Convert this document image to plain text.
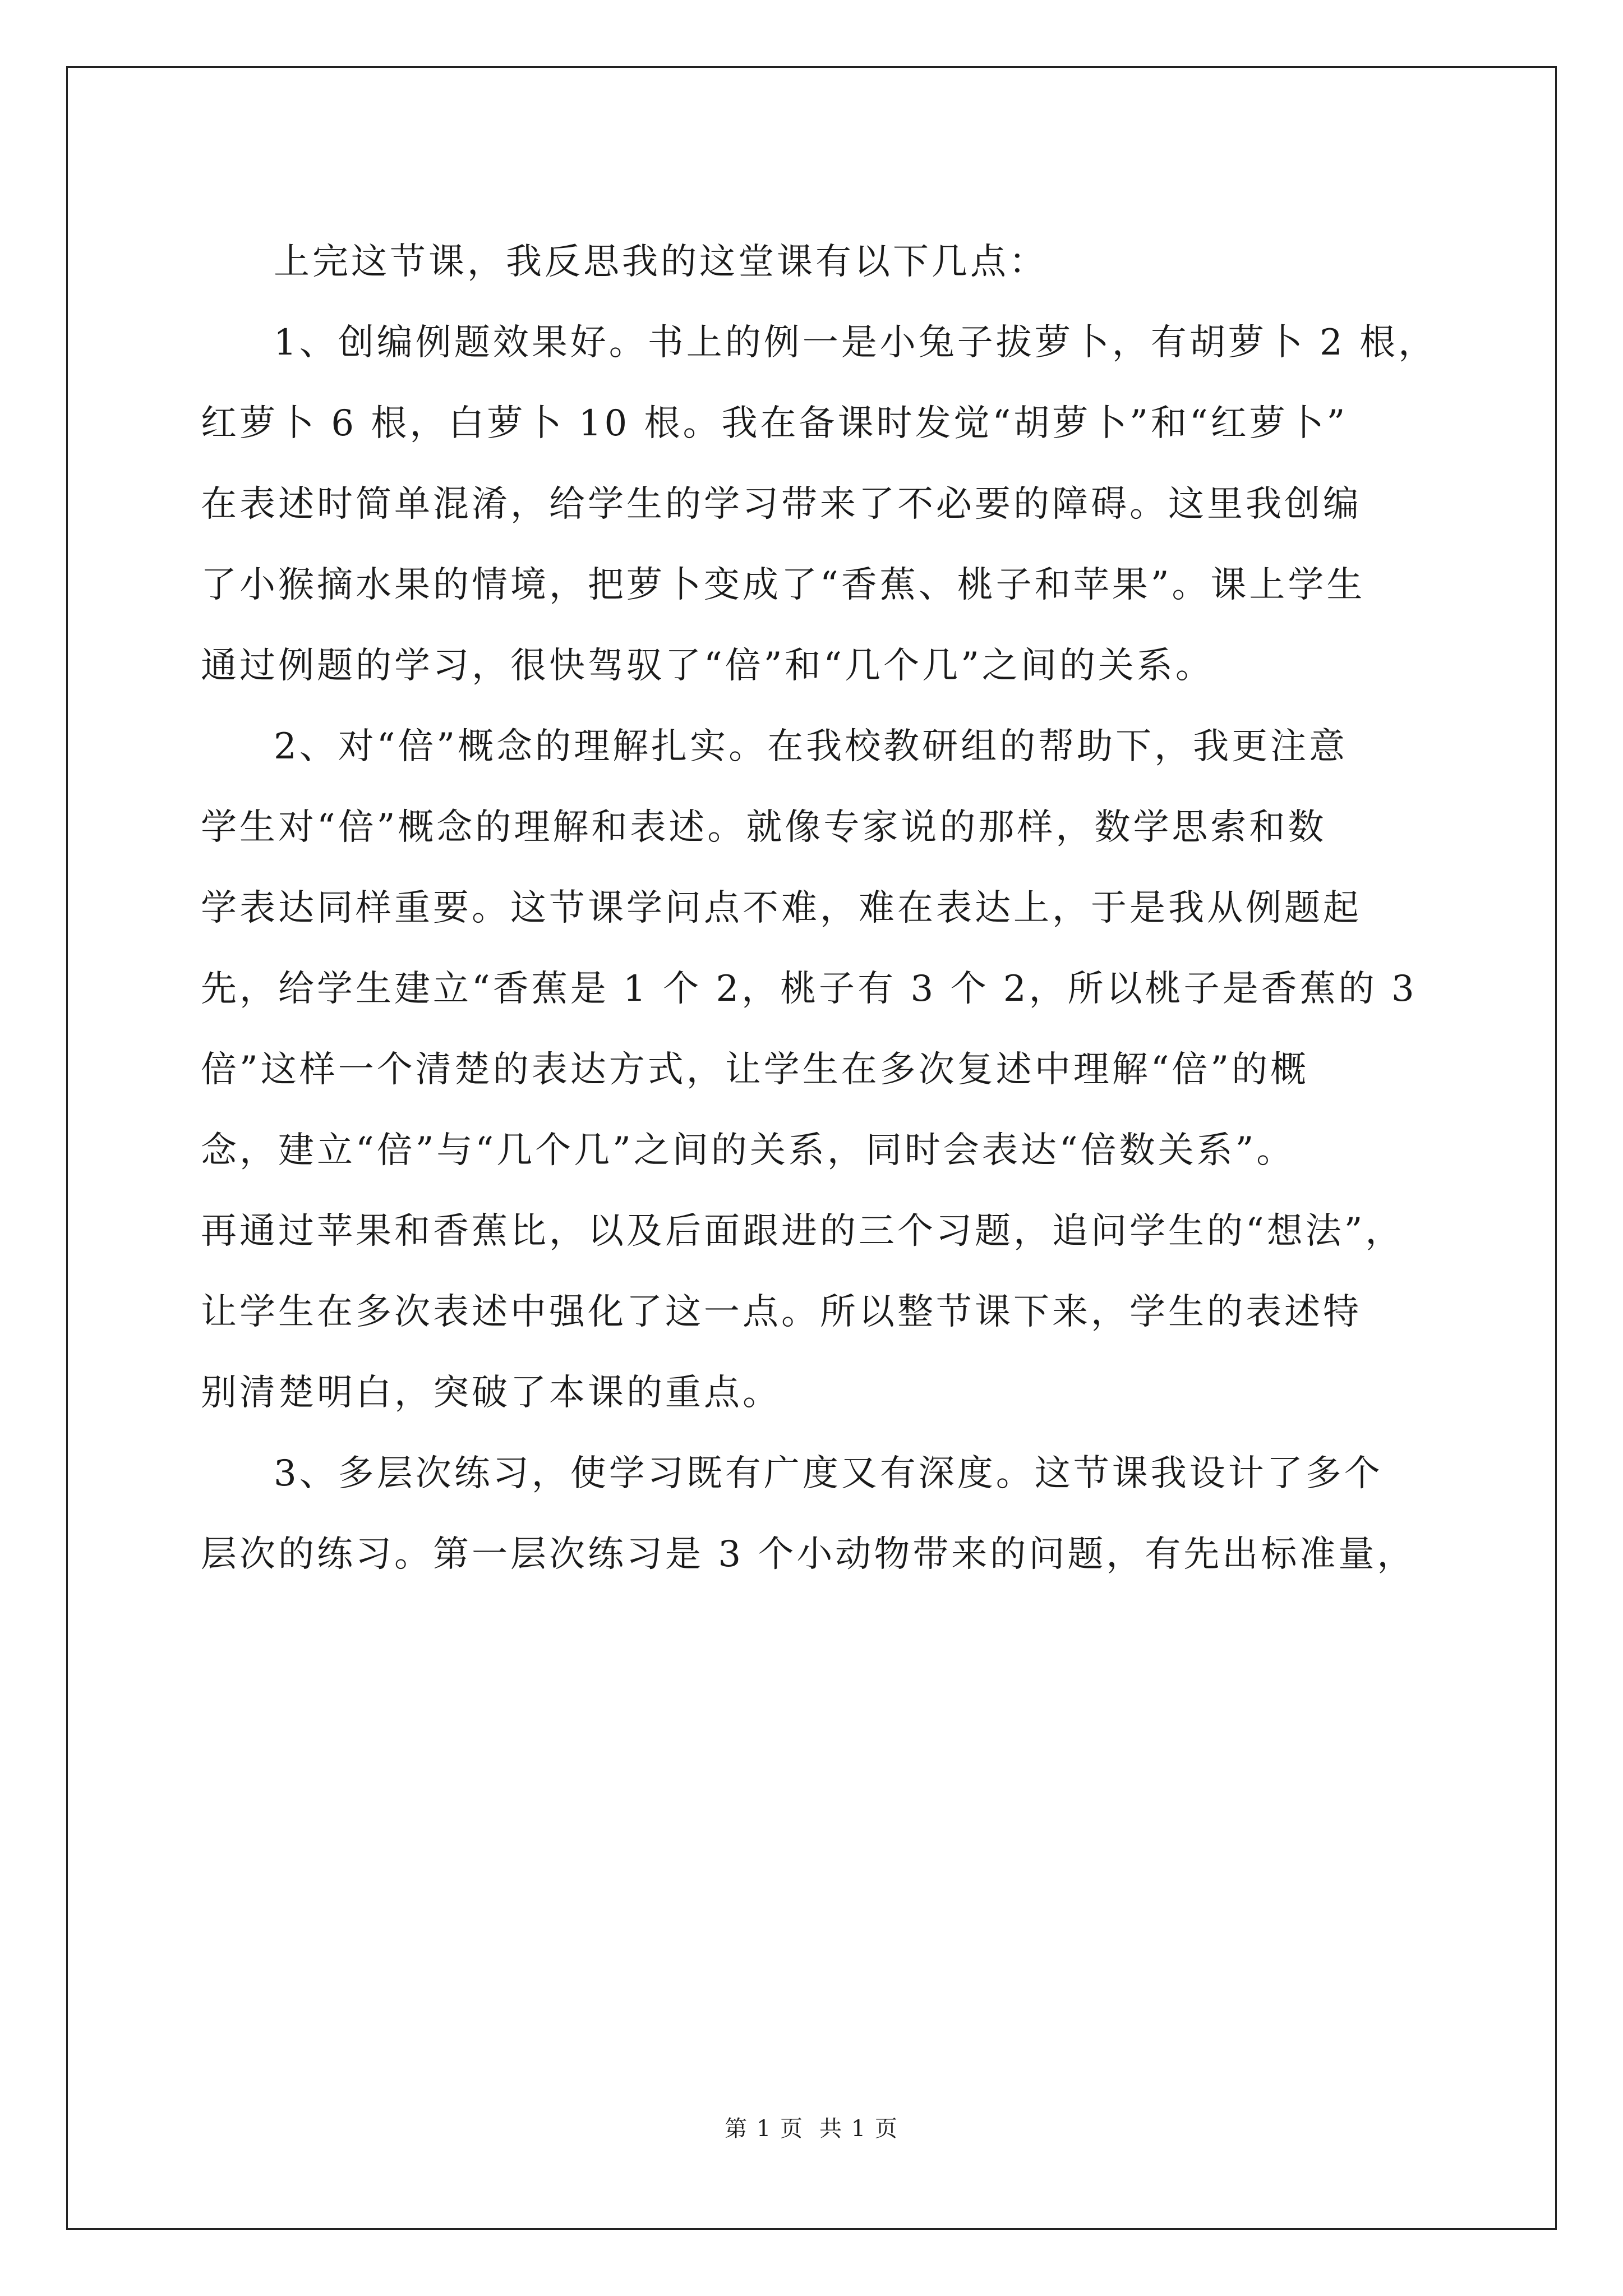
上完这节课，我反思我的这堂课有以下几点：

1、创编例题效果好。书上的例一是小兔子拔萝卜，有胡萝卜 2 根，
红萝卜 6 根，白萝卜 10 根。我在备课时发觉“胡萝卜”和“红萝卜”
在表述时简单混淆，给学生的学习带来了不必要的障碍。这里我创编
了小猴摘水果的情境，把萝卜变成了“香蕉、桃子和苹果”。课上学生
通过例题的学习，很快驾驭了“倍”和“几个几”之间的关系。

2、对“倍”概念的理解扎实。在我校教研组的帮助下，我更注意
学生对“倍”概念的理解和表述。就像专家说的那样，数学思索和数
学表达同样重要。这节课学问点不难，难在表达上，于是我从例题起
先，给学生建立“香蕉是 1 个 2，桃子有 3 个 2，所以桃子是香蕉的 3
倍”这样一个清楚的表达方式，让学生在多次复述中理解“倍”的概
念，建立“倍”与“几个几”之间的关系，同时会表达“倍数关系”。
再通过苹果和香蕉比，以及后面跟进的三个习题，追问学生的“想法”，
让学生在多次表述中强化了这一点。所以整节课下来，学生的表述特
别清楚明白，突破了本课的重点。

3、多层次练习，使学习既有广度又有深度。这节课我设计了多个
层次的练习。第一层次练习是 3 个小动物带来的问题，有先出标准量，

第 1 页 共 1 页
